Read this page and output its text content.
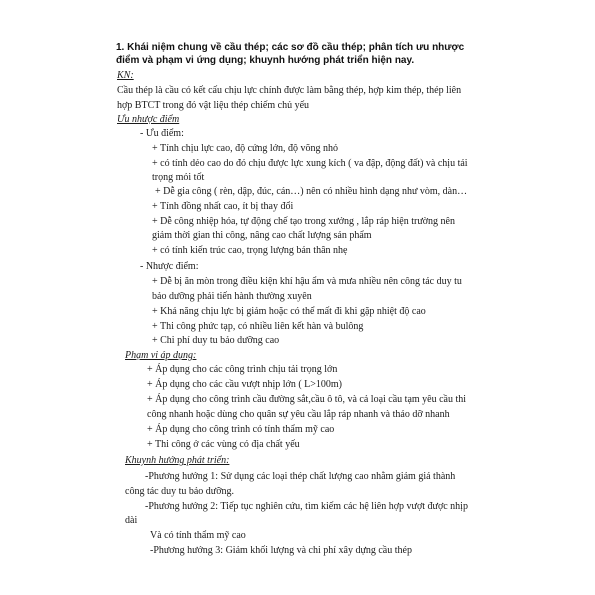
1. Khái niệm chung về cầu thép; các sơ đồ cầu thép; phân tích ưu nhược
điểm và phạm vi ứng dụng; khuynh hướng phát triển hiện nay.
KN:
Cầu thép là cầu có kết cấu chịu lực chính được làm bằng thép, hợp kim thép, thép liên
hợp BTCT trong đó vật liệu thép chiếm chủ yếu
Ưu nhược điểm
- Ưu điểm:
+ Tính chịu lực cao, độ cứng lớn, độ võng nhỏ
+ có tính dẻo cao do đó chịu được lực xung kích ( va đập, động đất) và chịu tải
trọng mỏi tốt
+ Dễ gia công ( rèn, dập, đúc, cán…) nên có nhiều hình dạng như vòm, dàn…
+ Tính đồng nhất cao, ít bị thay đổi
+ Dễ công nhiệp hóa, tự động chế tạo trong xưởng , lắp ráp hiện trường nên
giảm thời gian thi công, nâng cao chất lượng sản phẩm
+ có tính kiến trúc cao, trọng lượng bản thân nhẹ
- Nhược điểm:
+ Dễ bị ăn mòn trong điều kiện khí hậu ẩm và mưa nhiều nên công tác duy tu
bảo dưỡng phải tiến hành thường xuyên
+ Khả năng chịu lực bị giảm hoặc có thể mất đi khi gặp nhiệt độ cao
+ Thi công phức tạp, có nhiều liên kết hàn và bulông
+ Chi phí duy tu bảo dưỡng cao
Phạm vi áp dụng:
+ Áp dụng cho các công trình chịu tải trọng lớn
+ Áp dụng cho các cầu vượt nhịp lớn ( L>100m)
+ Áp dụng cho công trình cầu đường sắt,cầu ô tô, và cả loại cầu tạm yêu cầu thi
công nhanh hoặc dùng cho quân sự yêu cầu lắp ráp nhanh và tháo dỡ nhanh
+ Áp dụng cho công trình có tính thẩm mỹ cao
+ Thi công ở các vùng có địa chất yếu
Khuynh hướng phát triển:
-Phương hướng 1: Sử dụng các loại thép chất lượng cao nhằm giảm giá thành
công tác duy tu bảo dưỡng.
-Phương hướng 2: Tiếp tục nghiên cứu, tìm kiếm các hệ liên hợp vượt được nhịp
dài
Và có tính thẩm mỹ cao
-Phương hướng 3: Giảm khối lượng và chi phí xây dựng cầu thép
